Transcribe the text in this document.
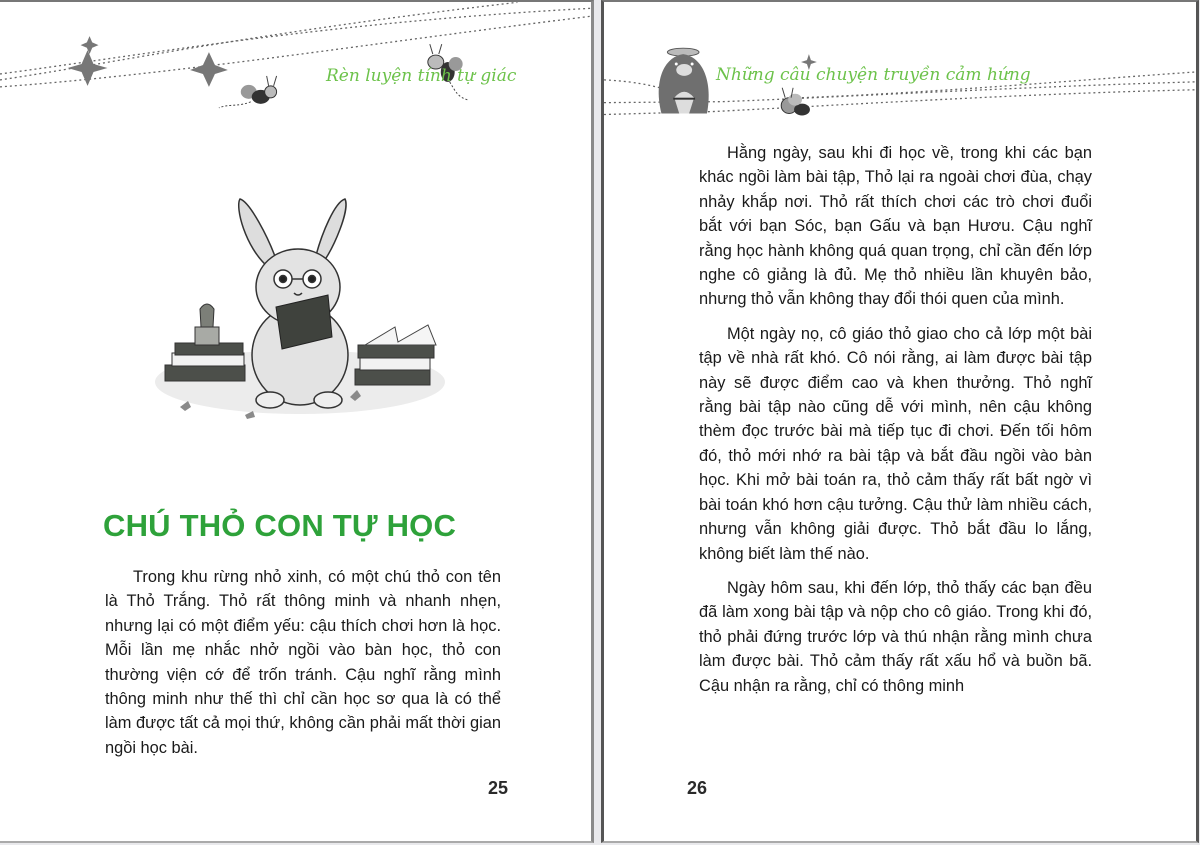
Rèn luyện tính tự giác
CHÚ THỎ CON TỰ HỌC

Trong khu rừng nhỏ xinh, có một chú thỏ con tên là Thỏ Trắng. Thỏ rất thông minh và nhanh nhẹn, nhưng lại có một điểm yếu: cậu thích chơi hơn là học. Mỗi lần mẹ nhắc nhở ngồi vào bàn học, thỏ con thường viện cớ để trốn tránh. Cậu nghĩ rằng mình thông minh như thế thì chỉ cần học sơ qua là có thể làm được tất cả mọi thứ, không cần phải mất thời gian ngồi học bài.

25
Những câu chuyện truyền cảm hứng

Hằng ngày, sau khi đi học về, trong khi các bạn khác ngồi làm bài tập, Thỏ lại ra ngoài chơi đùa, chạy nhảy khắp nơi. Thỏ rất thích chơi các trò chơi đuổi bắt với bạn Sóc, bạn Gấu và bạn Hươu. Cậu nghĩ rằng học hành không quá quan trọng, chỉ cần đến lớp nghe cô giảng là đủ. Mẹ thỏ nhiều lần khuyên bảo, nhưng thỏ vẫn không thay đổi thói quen của mình.

Một ngày nọ, cô giáo thỏ giao cho cả lớp một bài tập về nhà rất khó. Cô nói rằng, ai làm được bài tập này sẽ được điểm cao và khen thưởng. Thỏ nghĩ rằng bài tập nào cũng dễ với mình, nên cậu không thèm đọc trước bài mà tiếp tục đi chơi. Đến tối hôm đó, thỏ mới nhớ ra bài tập và bắt đầu ngồi vào bàn học. Khi mở bài toán ra, thỏ cảm thấy rất bất ngờ vì bài toán khó hơn cậu tưởng. Cậu thử làm nhiều cách, nhưng vẫn không giải được. Thỏ bắt đầu lo lắng, không biết làm thế nào.

Ngày hôm sau, khi đến lớp, thỏ thấy các bạn đều đã làm xong bài tập và nộp cho cô giáo. Trong khi đó, thỏ phải đứng trước lớp và thú nhận rằng mình chưa làm được bài. Thỏ cảm thấy rất xấu hổ và buồn bã. Cậu nhận ra rằng, chỉ có thông minh

26
